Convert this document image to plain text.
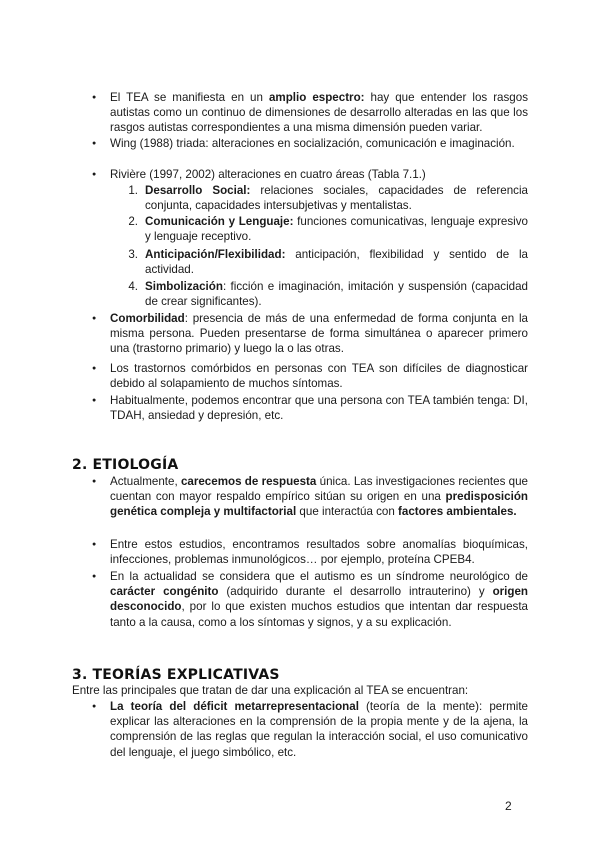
El TEA se manifiesta en un amplio espectro: hay que entender los rasgos autistas como un continuo de dimensiones de desarrollo alteradas en las que los rasgos autistas correspondientes a una misma dimensión pueden variar.
Wing (1988) triada: alteraciones en socialización, comunicación e imaginación.
Rivière (1997, 2002) alteraciones en cuatro áreas (Tabla 7.1.)
1. Desarrollo Social: relaciones sociales, capacidades de referencia conjunta, capacidades intersubjetivas y mentalistas.
2. Comunicación y Lenguaje: funciones comunicativas, lenguaje expresivo y lenguaje receptivo.
3. Anticipación/Flexibilidad: anticipación, flexibilidad y sentido de la actividad.
4. Simbolización: ficción e imaginación, imitación y suspensión (capacidad de crear significantes).
Comorbilidad: presencia de más de una enfermedad de forma conjunta en la misma persona. Pueden presentarse de forma simultánea o aparecer primero una (trastorno primario) y luego la o las otras.
Los trastornos comórbidos en personas con TEA son difíciles de diagnosticar debido al solapamiento de muchos síntomas.
Habitualmente, podemos encontrar que una persona con TEA también tenga: DI, TDAH, ansiedad y depresión, etc.
2. ETIOLOGÍA
Actualmente, carecemos de respuesta única. Las investigaciones recientes que cuentan con mayor respaldo empírico sitúan su origen en una predisposición genética compleja y multifactorial que interactúa con factores ambientales.
Entre estos estudios, encontramos resultados sobre anomalías bioquímicas, infecciones, problemas inmunológicos… por ejemplo, proteína CPEB4.
En la actualidad se considera que el autismo es un síndrome neurológico de carácter congénito (adquirido durante el desarrollo intrauterino) y origen desconocido, por lo que existen muchos estudios que intentan dar respuesta tanto a la causa, como a los síntomas y signos, y a su explicación.
3. TEORÍAS EXPLICATIVAS
Entre las principales que tratan de dar una explicación al TEA se encuentran:
La teoría del déficit metarrepresentacional (teoría de la mente): permite explicar las alteraciones en la comprensión de la propia mente y de la ajena, la comprensión de las reglas que regulan la interacción social, el uso comunicativo del lenguaje, el juego simbólico, etc.
2
